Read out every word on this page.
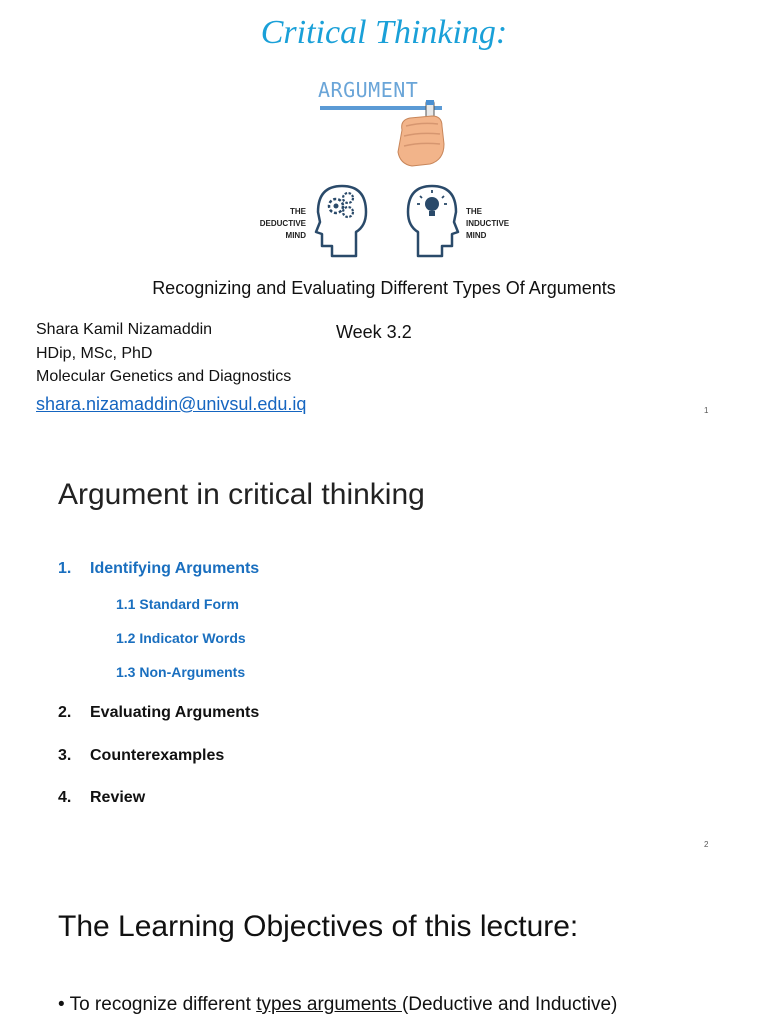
Critical Thinking:
ARGUMENT
THE
DEDUCTIVE
MIND
THE
INDUCTIVE
MIND
Recognizing and Evaluating Different Types Of Arguments
Shara Kamil Nizamaddin
HDip, MSc, PhD
Molecular Genetics and Diagnostics
Week 3.2
shara.nizamaddin@univsul.edu.iq	1
Argument in critical thinking
1. Identifying Arguments
1.1 Standard Form
1.2 Indicator Words
1.3 Non-Arguments
2. Evaluating Arguments
3. Counterexamples
4. Review
2
The Learning Objectives of this lecture:
• To recognize different types arguments (Deductive and Inductive)
